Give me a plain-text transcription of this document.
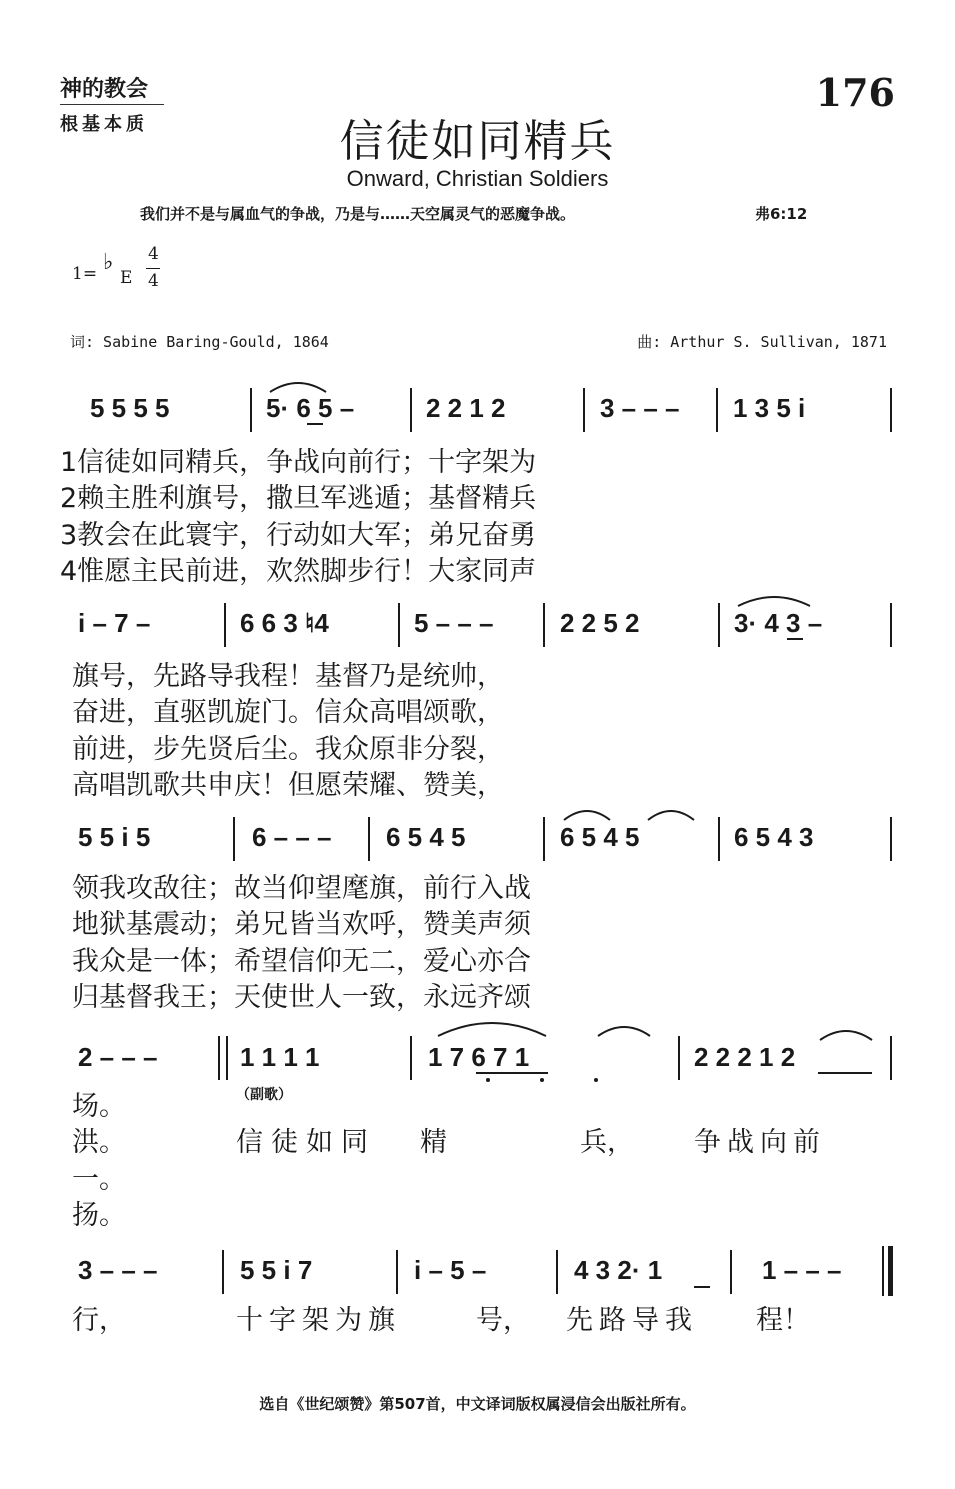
神的教会
根基本质
176
信徒如同精兵
Onward, Christian Soldiers
我们并不是与属血气的争战，乃是与……天空属灵气的恶魔争战。	弗6:12
1= ♭
E
4
4
词: Sabine Baring-Gould, 1864	曲: Arthur S. Sullivan, 1871
5 5 5 5	5· 6 5 –	2 2 1 2	3 – – – 1 3 5 i
1信徒如同精兵，争战向前行；十字架为
2赖主胜利旗号，撒旦军逃遁；基督精兵
3教会在此寰宇，行动如大军；弟兄奋勇
4惟愿主民前进，欢然脚步行！大家同声
i – 7 –	6 6 3 ♮4	5 – – –	2 2 5 2	3· 4 3 –
旗号，先路导我程！基督乃是统帅，
奋进，直驱凯旋门。信众高唱颂歌，
前进，步先贤后尘。我众原非分裂，
高唱凯歌共申庆！但愿荣耀、赞美，
5 5 i 5	6 – – – 6 5 4 5	6 5 4 5	6 5 4 3
领我攻敌往；故当仰望麾旗，前行入战
地狱基震动；弟兄皆当欢呼，赞美声须
我众是一体；希望信仰无二，爱心亦合
归基督我王；天使世人一致，永远齐颂
2 – – –	1 1 1 1	1 7 6 7 1	2 2 2 1 2
（副歌）
场。
洪。
一。
扬。
信徒如同 精	兵， 争战向前
3 – – –	5 5 i 7	i – 5 –	4 3 2· 1	1 – – –
行，	十字架为旗	号， 先路导我 程！
选自《世纪颂赞》第507首，中文译词版权属浸信会出版社所有。
